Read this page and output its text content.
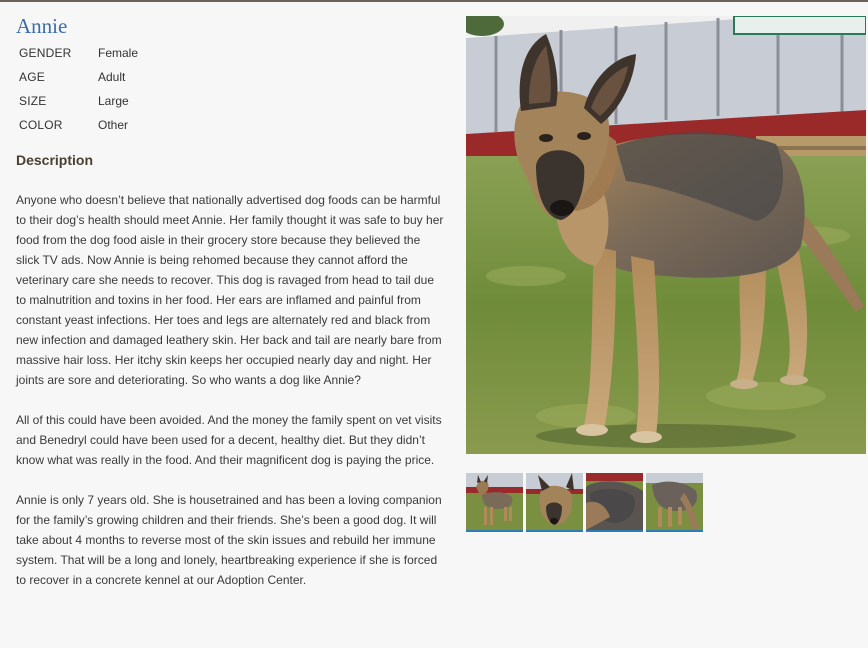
Annie
GENDER	Female
AGE	Adult
SIZE	Large
COLOR	Other
Description

Anyone who doesn’t believe that nationally advertised dog foods can be harmful to their dog’s health should meet Annie. Her family thought it was safe to buy her food from the dog food aisle in their grocery store because they believed the slick TV ads. Now Annie is being rehomed because they cannot afford the veterinary care she needs to recover. This dog is ravaged from head to tail due to malnutrition and toxins in her food. Her ears are inflamed and painful from constant yeast infections. Her toes and legs are alternately red and black from new infection and damaged leathery skin. Her back and tail are nearly bare from massive hair loss. Her itchy skin keeps her occupied nearly day and night. Her joints are sore and deteriorating. So who wants a dog like Annie?

All of this could have been avoided. And the money the family spent on vet visits and Benedryl could have been used for a decent, healthy diet. But they didn’t know what was really in the food. And their magnificent dog is paying the price.

Annie is only 7 years old. She is housetrained and has been a loving companion for the family’s growing children and their friends. She’s been a good dog. It will take about 4 months to reverse most of the skin issues and rebuild her immune system. That will be a long and lonely, heartbreaking experience if she is forced to recover in a concrete kennel at our Adoption Center.
